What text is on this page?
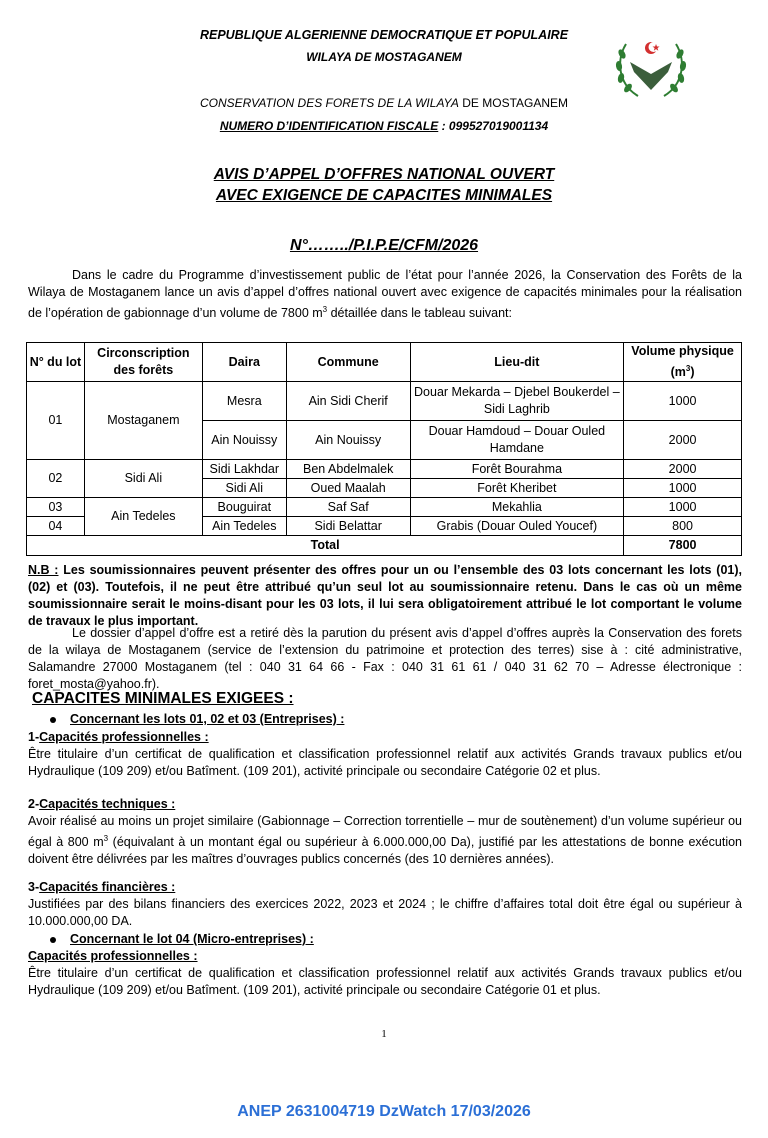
REPUBLIQUE ALGERIENNE DEMOCRATIQUE ET POPULAIRE
WILAYA DE MOSTAGANEM
CONSERVATION DES FORETS DE LA WILAYA DE MOSTAGANEM
NUMERO D’IDENTIFICATION FISCALE : 099527019001134
AVIS D’APPEL D’OFFRES NATIONAL OUVERT
AVEC EXIGENCE DE CAPACITES MINIMALES
N°……../P.I.P.E/CFM/2026
Dans le cadre du Programme d’investissement public de l’état pour l’année 2026, la Conservation des Forêts de la Wilaya de Mostaganem lance un avis d’appel d’offres national ouvert avec exigence de capacités minimales pour la réalisation de l’opération de gabionnage d’un volume de 7800 $m^3$ détaillée dans le tableau suivant:
N° du lot	Circonscription des forêts	Daira	Commune	Lieu-dit	Volume physique $(m^3)$
01	Mostaganem	Mesra	Ain Sidi Cherif	Douar Mekarda – Djebel Boukerdel – Sidi Laghrib	1000
		Ain Nouissy	Ain Nouissy	Douar Hamdoud – Douar Ouled Hamdane	2000
02	Sidi Ali	Sidi Lakhdar	Ben Abdelmalek	Forêt Bourahma	2000
		Sidi Ali	Oued Maalah	Forêt Kheribet	1000
03	Ain Tedeles	Bouguirat	Saf Saf	Mekahlia	1000
04		Ain Tedeles	Sidi Belattar	Grabis (Douar Ouled Youcef)	800
Total					7800
N.B : Les soumissionnaires peuvent présenter des offres pour un ou l’ensemble des 03 lots concernant les lots (01), (02) et (03). Toutefois, il ne peut être attribué qu’un seul lot au soumissionnaire retenu. Dans le cas où un même soumissionnaire serait le moins-disant pour les 03 lots, il lui sera obligatoirement attribué le lot comportant le volume de travaux le plus important.
Le dossier d’appel d’offre est a retiré dès la parution du présent avis d’appel d’offres auprès la Conservation des forets de la wilaya de Mostaganem (service de l’extension du patrimoine et protection des terres) sise à : cité administrative, Salamandre 27000 Mostaganem (tel : 040 31 64 66 - Fax : 040 31 61 61 / 040 31 62 70 – Adresse électronique : foret_mosta@yahoo.fr).
CAPACITES MINIMALES EXIGEES :
Concernant les lots 01, 02 et 03 (Entreprises) :
1-Capacités professionnelles :
Être titulaire d’un certificat de qualification et classification professionnel relatif aux activités Grands travaux publics et/ou Hydraulique (109 209) et/ou Batîment. (109 201), activité principale ou secondaire Catégorie 02 et plus.
2-Capacités techniques :
Avoir réalisé au moins un projet similaire (Gabionnage – Correction torrentielle – mur de soutènement) d’un volume supérieur ou égal à 800 $m^3$ (équivalant à un montant égal ou supérieur à 6.000.000,00 Da), justifié par les attestations de bonne exécution doivent être délivrées par les maîtres d’ouvrages publics concernés (des 10 dernières années).
3-Capacités financières :
Justifiées par des bilans financiers des exercices 2022, 2023 et 2024 ; le chiffre d’affaires total doit être égal ou supérieur à 10.000.000,00 DA.
Concernant le lot 04 (Micro-entreprises) :
Capacités professionnelles :
Être titulaire d’un certificat de qualification et classification professionnel relatif aux activités Grands travaux publics et/ou Hydraulique (109 209) et/ou Batîment. (109 201), activité principale ou secondaire Catégorie 01 et plus.
1
ANEP 2631004719 DzWatch 17/03/2026
